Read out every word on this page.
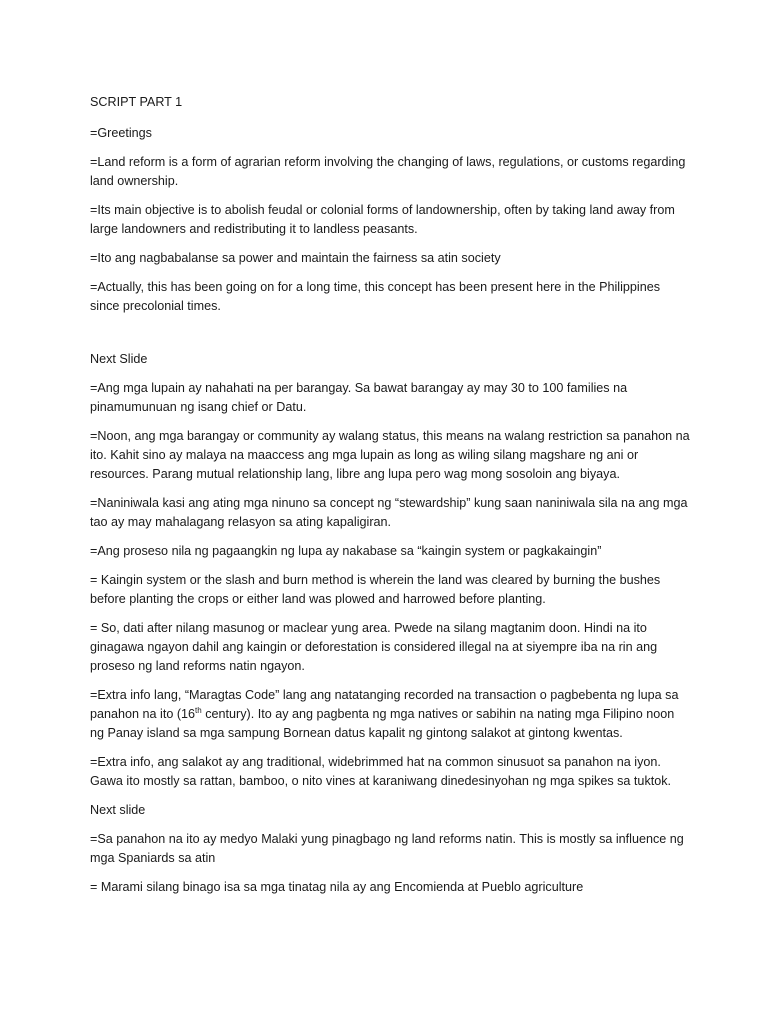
SCRIPT PART 1

=Greetings

=Land reform is a form of agrarian reform involving the changing of laws, regulations, or customs regarding land ownership.

=Its main objective is to abolish feudal or colonial forms of landownership, often by taking land away from large landowners and redistributing it to landless peasants.

=Ito ang nagbabalanse sa power and maintain the fairness sa atin society

=Actually, this has been going on for a long time, this concept has been present here in the Philippines since precolonial times.

Next Slide

=Ang mga lupain ay nahahati na per barangay. Sa bawat barangay ay may 30 to 100 families na pinamumunuan ng isang chief or Datu.

=Noon, ang mga barangay or community ay walang status, this means na walang restriction sa panahon na ito. Kahit sino ay malaya na maaccess ang mga lupain as long as wiling silang magshare ng ani or resources. Parang mutual relationship lang, libre ang lupa pero wag mong sosoloin ang biyaya.

=Naniniwala kasi ang ating mga ninuno sa concept ng “stewardship” kung saan naniniwala sila na ang mga tao ay may mahalagang relasyon sa ating kapaligiran.

=Ang proseso nila ng pagaangkin ng lupa ay nakabase sa “kaingin system or pagkakaingin”

= Kaingin system or the slash and burn method is wherein the land was cleared by burning the bushes before planting the crops or either land was plowed and harrowed before planting.

= So, dati after nilang masunog or maclear yung area. Pwede na silang magtanim doon. Hindi na ito ginagawa ngayon dahil ang kaingin or deforestation is considered illegal na at siyempre iba na rin ang proseso ng land reforms natin ngayon.

=Extra info lang, “Maragtas Code” lang ang natatanging recorded na transaction o pagbebenta ng lupa sa panahon na ito (16th century). Ito ay ang pagbenta ng mga natives or sabihin na nating mga Filipino noon ng Panay island sa mga sampung Bornean datus kapalit ng gintong salakot at gintong kwentas.

=Extra info, ang salakot ay ang traditional, widebrimmed hat na common sinusuot sa panahon na iyon. Gawa ito mostly sa rattan, bamboo, o nito vines at karaniwang dinedesinyohan ng mga spikes sa tuktok.

Next slide

=Sa panahon na ito ay medyo Malaki yung pinagbago ng land reforms natin. This is mostly sa influence ng mga Spaniards sa atin

= Marami silang binago isa sa mga tinatag nila ay ang Encomienda at Pueblo agriculture
